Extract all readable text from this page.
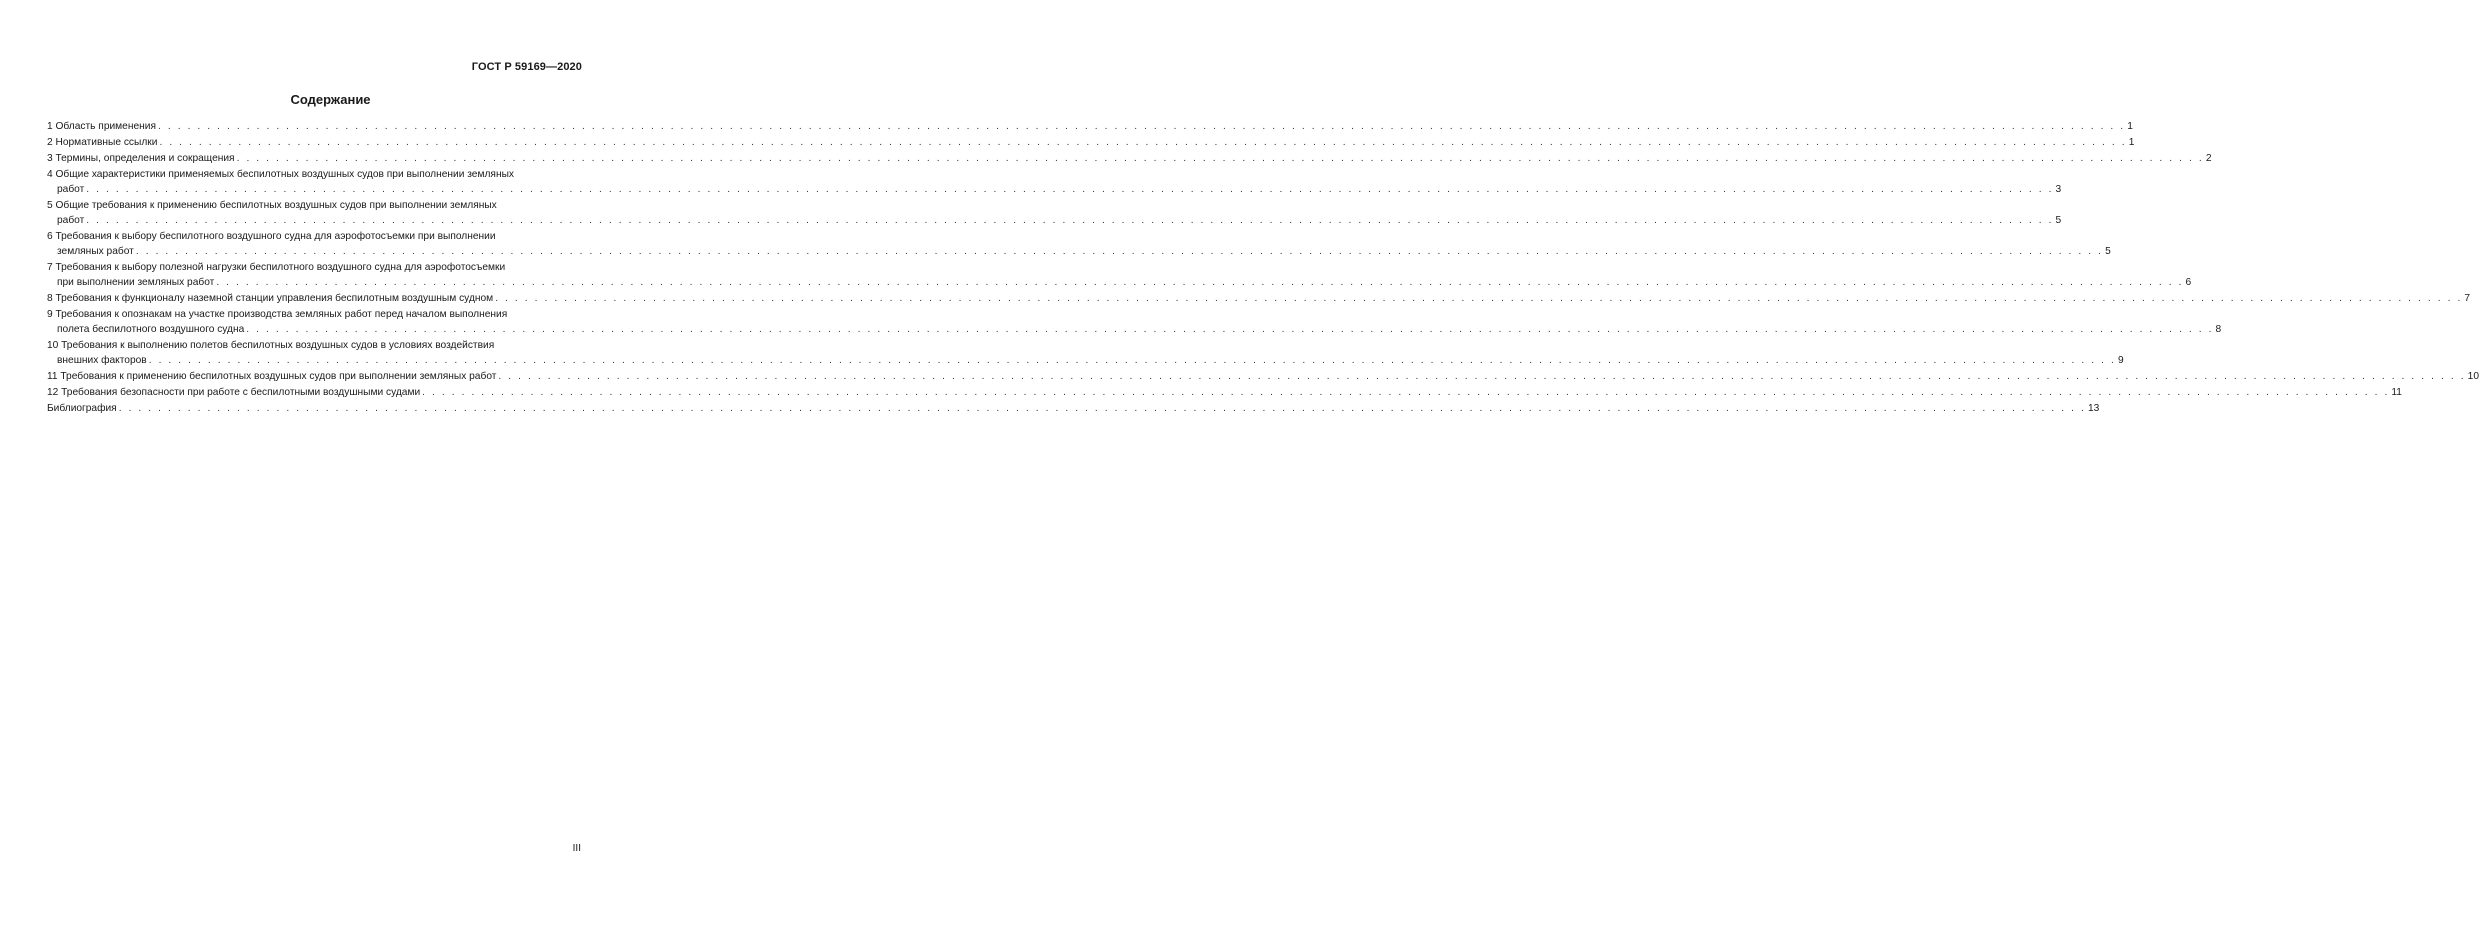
ГОСТ Р 59169—2020
Содержание
1 Область применения . . . . . . . . . . . . . . . . . . . . . . . . . . . . . . . . . . . . . . . . . . . . . . . . . . . . . . . . . . . . . . . . . . . . . . . . . . . . . . . . . . . . . . . . . . . . . . . . . . . . . . . . . . . . . . . . . . . . . . . . . . . . . . . . . . . . . . . . . . . . . . . . . . . . . . . . . . . . . . . . . . . . . . . . . . . . . . . . . . . . . . . . . . . . . . . . . . . . . . . . 1
2 Нормативные ссылки . . . . . . . . . . . . . . . . . . . . . . . . . . . . . . . . . . . . . . . . . . . . . . . . . . . . . . . . . . . . . . . . . . . . . . . . . . . . . . . . . . . . . . . . . . . . . . . . . . . . . . . . . . . . . . . . . . . . . . . . . . . . . . . . . . . . . . . . . . . . . . . . . . . . . . . . . . . . . . . . . . . . . . . . . . . . . . . . . . . . . . . . . . . . . . . . . . . . . . . . 1
3 Термины, определения и сокращения . . . . . . . . . . . . . . . . . . . . . . . . . . . . . . . . . . . . . . . . . . . . . . . . . . . . . . . . . . . . . . . . . . . . . . . . . . . . . . . . . . . . . . . . . . . . . . . . . . . . . . . . . . . . . . . . . . . . . . . . . . . . . . . . . . . . . . . . . . . . . . . . . . . . . . . . . . . . . . . . . . . . . . . . . . . . . . . . . . . . . . . . . . . . . . . . . . . . . . . . 2
4 Общие характеристики применяемых беспилотных воздушных судов при выполнении земляных
работ . . . . . . . . . . . . . . . . . . . . . . . . . . . . . . . . . . . . . . . . . . . . . . . . . . . . . . . . . . . . . . . . . . . . . . . . . . . . . . . . . . . . . . . . . . . . . . . . . . . . . . . . . . . . . . . . . . . . . . . . . . . . . . . . . . . . . . . . . . . . . . . . . . . . . . . . . . . . . . . . . . . . . . . . . . . . . . . . . . . . . . . . . . . . . . . . . . . . . . . . 3
5 Общие требования к применению беспилотных воздушных судов при выполнении земляных
работ . . . . . . . . . . . . . . . . . . . . . . . . . . . . . . . . . . . . . . . . . . . . . . . . . . . . . . . . . . . . . . . . . . . . . . . . . . . . . . . . . . . . . . . . . . . . . . . . . . . . . . . . . . . . . . . . . . . . . . . . . . . . . . . . . . . . . . . . . . . . . . . . . . . . . . . . . . . . . . . . . . . . . . . . . . . . . . . . . . . . . . . . . . . . . . . . . . . . . . . . 5
6 Требования к выбору беспилотного воздушного судна для аэрофотосъемки при выполнении
земляных работ . . . . . . . . . . . . . . . . . . . . . . . . . . . . . . . . . . . . . . . . . . . . . . . . . . . . . . . . . . . . . . . . . . . . . . . . . . . . . . . . . . . . . . . . . . . . . . . . . . . . . . . . . . . . . . . . . . . . . . . . . . . . . . . . . . . . . . . . . . . . . . . . . . . . . . . . . . . . . . . . . . . . . . . . . . . . . . . . . . . . . . . . . . . . . . . . . . . . . . . . 5
7 Требования к выбору полезной нагрузки беспилотного воздушного судна для аэрофотосъемки
при выполнении земляных работ . . . . . . . . . . . . . . . . . . . . . . . . . . . . . . . . . . . . . . . . . . . . . . . . . . . . . . . . . . . . . . . . . . . . . . . . . . . . . . . . . . . . . . . . . . . . . . . . . . . . . . . . . . . . . . . . . . . . . . . . . . . . . . . . . . . . . . . . . . . . . . . . . . . . . . . . . . . . . . . . . . . . . . . . . . . . . . . . . . . . . . . . . . . . . . . . . . . . . . . . 6
8 Требования к функционалу наземной станции управления беспилотным воздушным судном . . . . . . . . . . . . . . . . . . . . . . . . . . . . . . . . . . . . . . . . . . . . . . . . . . . . . . . . . . . . . . . . . . . . . . . . . . . . . . . . . . . . . . . . . . . . . . . . . . . . . . . . . . . . . . . . . . . . . . . . . . . . . . . . . . . . . . . . . . . . . . . . . . . . . . . . . . . . . . . . . . . . . . . . . . . . . . . . . . . . . . . . . . . . . . . . . . . . . . . . 7
9 Требования к опознакам на участке производства земляных работ перед началом выполнения
полета беспилотного воздушного судна . . . . . . . . . . . . . . . . . . . . . . . . . . . . . . . . . . . . . . . . . . . . . . . . . . . . . . . . . . . . . . . . . . . . . . . . . . . . . . . . . . . . . . . . . . . . . . . . . . . . . . . . . . . . . . . . . . . . . . . . . . . . . . . . . . . . . . . . . . . . . . . . . . . . . . . . . . . . . . . . . . . . . . . . . . . . . . . . . . . . . . . . . . . . . . . . . . . . . . . . 8
10 Требования к выполнению полетов беспилотных воздушных судов в условиях воздействия
внешних факторов . . . . . . . . . . . . . . . . . . . . . . . . . . . . . . . . . . . . . . . . . . . . . . . . . . . . . . . . . . . . . . . . . . . . . . . . . . . . . . . . . . . . . . . . . . . . . . . . . . . . . . . . . . . . . . . . . . . . . . . . . . . . . . . . . . . . . . . . . . . . . . . . . . . . . . . . . . . . . . . . . . . . . . . . . . . . . . . . . . . . . . . . . . . . . . . . . . . . . . . . 9
11 Требования к применению беспилотных воздушных судов при выполнении земляных работ . . . . . . . . . . . . . . . . . . . . . . . . . . . . . . . . . . . . . . . . . . . . . . . . . . . . . . . . . . . . . . . . . . . . . . . . . . . . . . . . . . . . . . . . . . . . . . . . . . . . . . . . . . . . . . . . . . . . . . . . . . . . . . . . . . . . . . . . . . . . . . . . . . . . . . . . . . . . . . . . . . . . . . . . . . . . . . . . . . . . . . . . . . . . . . . . . . . . . . . . 10
12 Требования безопасности при работе с беспилотными воздушными судами . . . . . . . . . . . . . . . . . . . . . . . . . . . . . . . . . . . . . . . . . . . . . . . . . . . . . . . . . . . . . . . . . . . . . . . . . . . . . . . . . . . . . . . . . . . . . . . . . . . . . . . . . . . . . . . . . . . . . . . . . . . . . . . . . . . . . . . . . . . . . . . . . . . . . . . . . . . . . . . . . . . . . . . . . . . . . . . . . . . . . . . . . . . . . . . . . . . . . . . . 11
Библиография . . . . . . . . . . . . . . . . . . . . . . . . . . . . . . . . . . . . . . . . . . . . . . . . . . . . . . . . . . . . . . . . . . . . . . . . . . . . . . . . . . . . . . . . . . . . . . . . . . . . . . . . . . . . . . . . . . . . . . . . . . . . . . . . . . . . . . . . . . . . . . . . . . . . . . . . . . . . . . . . . . . . . . . . . . . . . . . . . . . . . . . . . . . . . . . . . . . . . . . . 13
III
